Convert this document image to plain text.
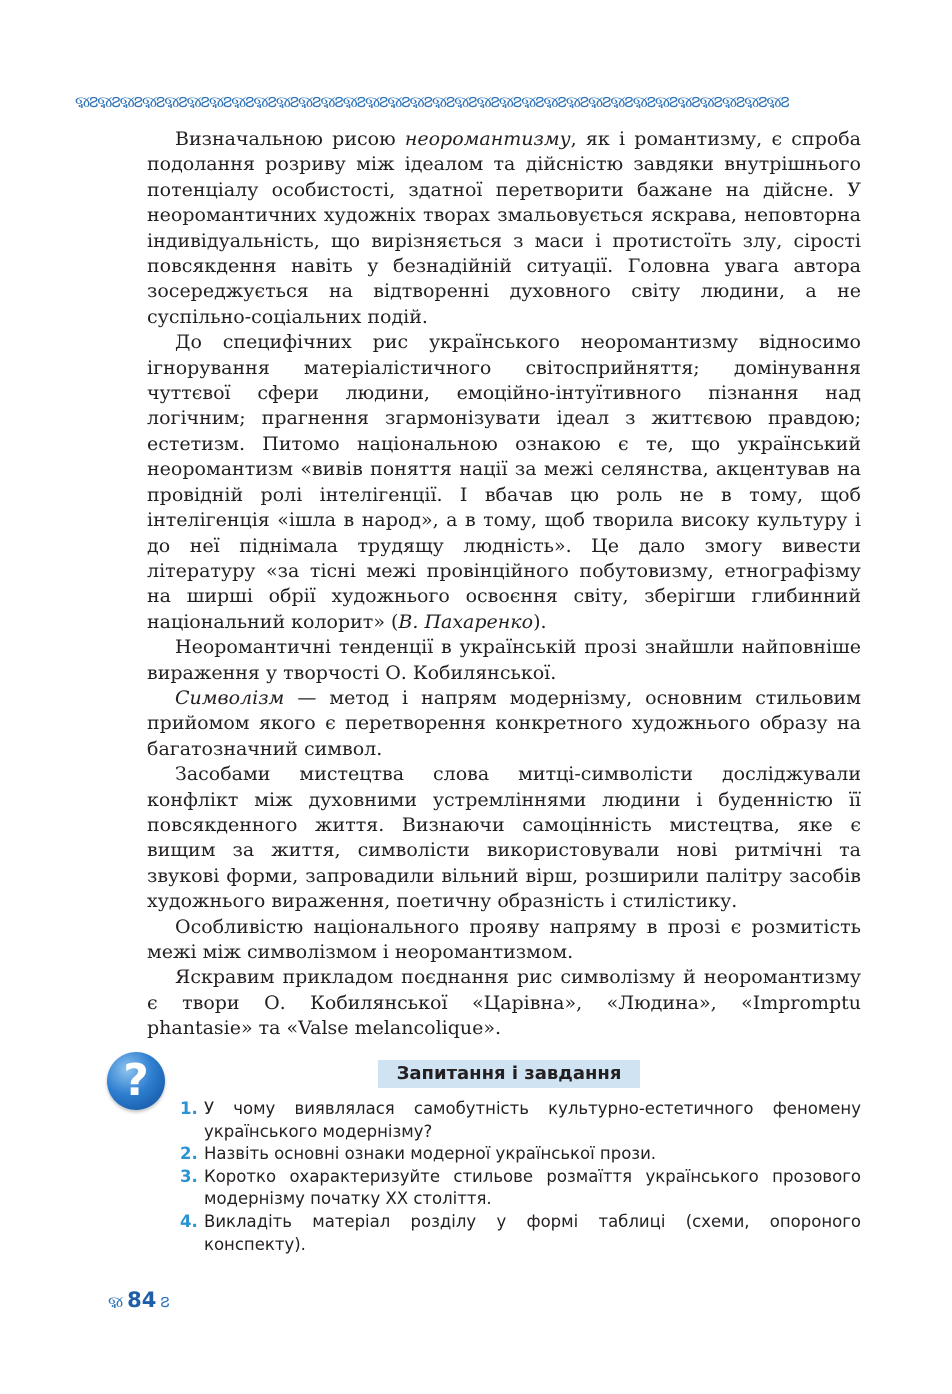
ૹ౭ૹ౭ૹ౭ૹ౭ૹ౭ૹ౭ૹ౭ૹ౭ૹ౭ૹ౭ૹ౭ૹ౭ૹ౭ૹ౭ૹ౭ૹ౭ૹ౭ૹ౭ૹ౭ૹ౭ૹ౭ૹ౭ૹ౭ૹ౭ૹ౭ૹ౭ૹ౭ૹ౭ૹ౭ૹ౭ૹ౭ૹ౭

Визначальною рисою неоромантизму, як і романтизму, є спроба подолання розриву між ідеалом та дійсністю завдяки внутрішнього потенціалу особистості, здатної перетворити бажане на дійсне. У неоромантичних художніх творах змальовується яскрава, неповторна індивідуальність, що вирізняється з маси і протистоїть злу, сірості повсякдення навіть у безнадійній ситуації. Головна увага автора зосереджується на відтворенні духовного світу людини, а не суспільно-соціальних подій.

До специфічних рис українського неоромантизму відносимо ігнорування матеріалістичного світосприйняття; домінування чуттєвої сфери людини, емоційно-інтуїтивного пізнання над логічним; прагнення згармонізувати ідеал з життєвою правдою; естетизм. Питомо національною ознакою є те, що український неоромантизм «вивів поняття нації за межі селянства, акцентував на провідній ролі інтелігенції. І вбачав цю роль не в тому, щоб інтелігенція «ішла в народ», а в тому, щоб творила високу культуру і до неї піднімала трудящу людність». Це дало змогу вивести літературу «за тісні межі провінційного побутовизму, етнографізму на ширші обрії художнього освоєння світу, зберігши глибинний національний колорит» (В. Пахаренко).

Неоромантичні тенденції в українській прозі знайшли найповніше вираження у творчості О. Кобилянської.

Символізм — метод і напрям модернізму, основним стильовим прийомом якого є перетворення конкретного художнього образу на багатозначний символ.

Засобами мистецтва слова митці-символісти досліджували конфлікт між духовними устремліннями людини і буденністю її повсякденного життя. Визнаючи самоцінність мистецтва, яке є вищим за життя, символісти використовували нові ритмічні та звукові форми, запровадили вільний вірш, розширили палітру засобів художнього вираження, поетичну образність і стилістику.

Особливістю національного прояву напряму в прозі є розмитість межі між символізмом і неоромантизмом.

Яскравим прикладом поєднання рис символізму й неоромантизму є твори О. Кобилянської «Царівна», «Людина», «Impromptu phantasie» та «Valse melancolique».

?	Запитання і завдання
1. У чому виявлялася самобутність культурно-естетичного феномену українського модернізму?
2. Назвіть основні ознаки модерної української прози.
3. Коротко охарактеризуйте стильове розмаїття українського прозового модернізму початку ХХ століття.
4. Викладіть матеріал розділу у формі таблиці (схеми, опороного конспекту).
ૹ 84 ౭
